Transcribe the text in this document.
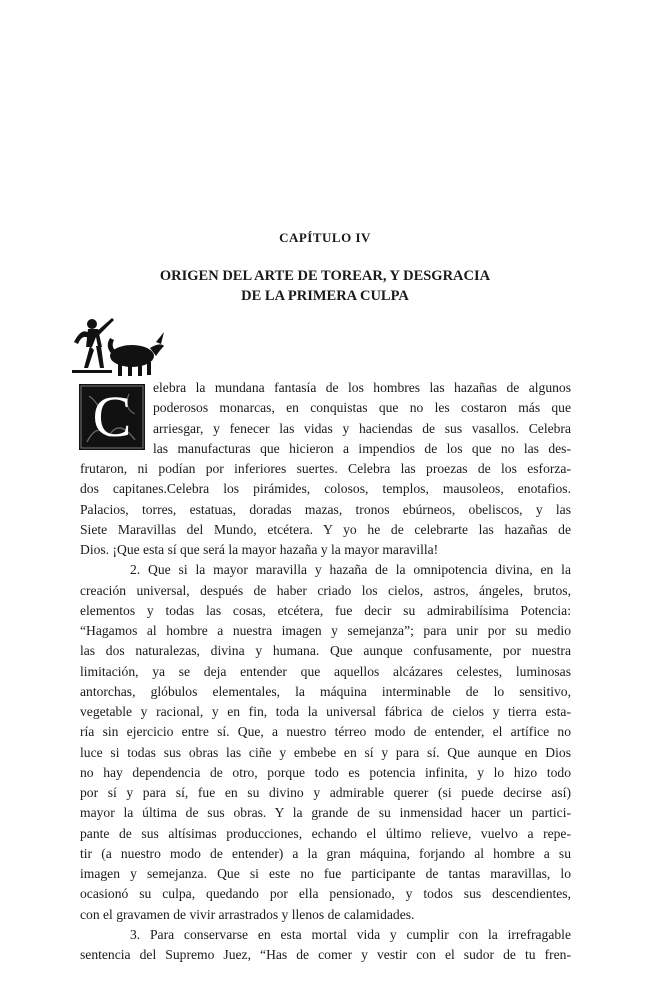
CAPÍTULO IV
ORIGEN DEL ARTE DE TOREAR, Y DESGRACIA
DE LA PRIMERA CULPA
C	elebra la mundana fantasía de los hombres las hazañas de algunos
poderosos monarcas, en conquistas que no les costaron más que
arriesgar, y fenecer las vidas y haciendas de sus vasallos. Celebra
las manufacturas que hicieron a impendios de los que no las des-
frutaron, ni podían por inferiores suertes. Celebra las proezas de los esforza-
dos capitanes.Celebra los pirámides, colosos, templos, mausoleos, enotafios.
Palacios, torres, estatuas, doradas mazas, tronos ebúrneos, obeliscos, y las
Siete Maravillas del Mundo, etcétera. Y yo he de celebrarte las hazañas de
Dios. ¡Que esta sí que será la mayor hazaña y la mayor maravilla!
2. Que si la mayor maravilla y hazaña de la omnipotencia divina, en la
creación universal, después de haber criado los cielos, astros, ángeles, brutos,
elementos y todas las cosas, etcétera, fue decir su admirabilísima Potencia:
“Hagamos al hombre a nuestra imagen y semejanza”; para unir por su medio
las dos naturalezas, divina y humana. Que aunque confusamente, por nuestra
limitación, ya se deja entender que aquellos alcázares celestes, luminosas
antorchas, glóbulos elementales, la máquina interminable de lo sensitivo,
vegetable y racional, y en fin, toda la universal fábrica de cielos y tierra esta-
ría sin ejercicio entre sí. Que, a nuestro térreo modo de entender, el artífice no
luce si todas sus obras las ciñe y embebe en sí y para sí. Que aunque en Dios
no hay dependencia de otro, porque todo es potencia infinita, y lo hizo todo
por sí y para sí, fue en su divino y admirable querer (si puede decirse así)
mayor la última de sus obras. Y la grande de su inmensidad hacer un partici-
pante de sus altísimas producciones, echando el último relieve, vuelvo a repe-
tir (a nuestro modo de entender) a la gran máquina, forjando al hombre a su
imagen y semejanza. Que si este no fue participante de tantas maravillas, lo
ocasionó su culpa, quedando por ella pensionado, y todos sus descendientes,
con el gravamen de vivir arrastrados y llenos de calamidades.
3. Para conservarse en esta mortal vida y cumplir con la irrefragable
sentencia del Supremo Juez, “Has de comer y vestir con el sudor de tu fren-
